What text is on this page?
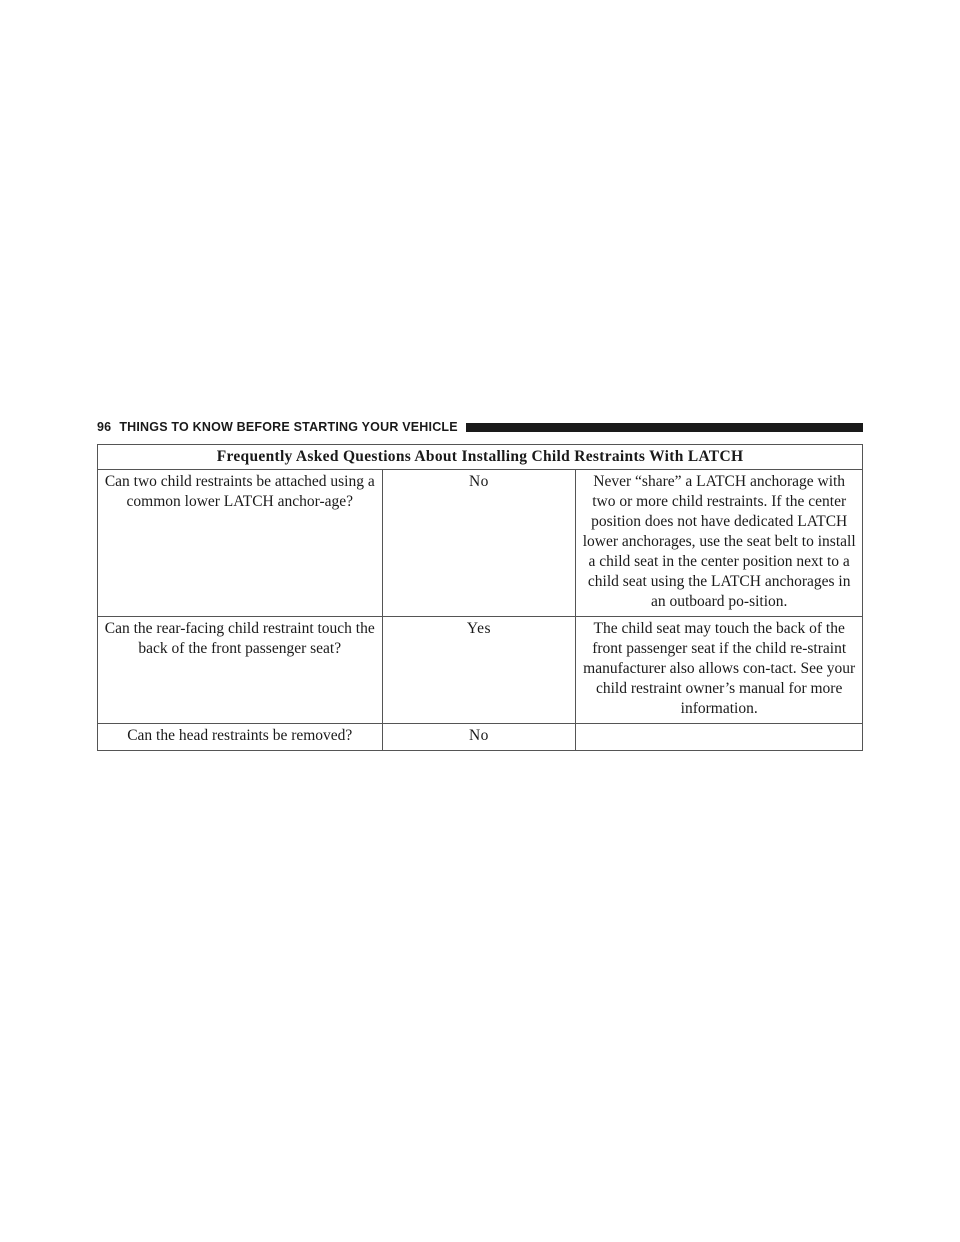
96 THINGS TO KNOW BEFORE STARTING YOUR VEHICLE
Frequently Asked Questions About Installing Child Restraints With LATCH		
Can two child restraints be attached using a common lower LATCH anchor-age?	No	Never “share” a LATCH anchorage with two or more child restraints. If the center position does not have dedicated LATCH lower anchorages, use the seat belt to install a child seat in the center position next to a child seat using the LATCH anchorages in an outboard po-sition.
Can the rear-facing child restraint touch the back of the front passenger seat?	Yes	The child seat may touch the back of the front passenger seat if the child re-straint manufacturer also allows con-tact. See your child restraint owner’s manual for more information.
Can the head restraints be removed?	No	
